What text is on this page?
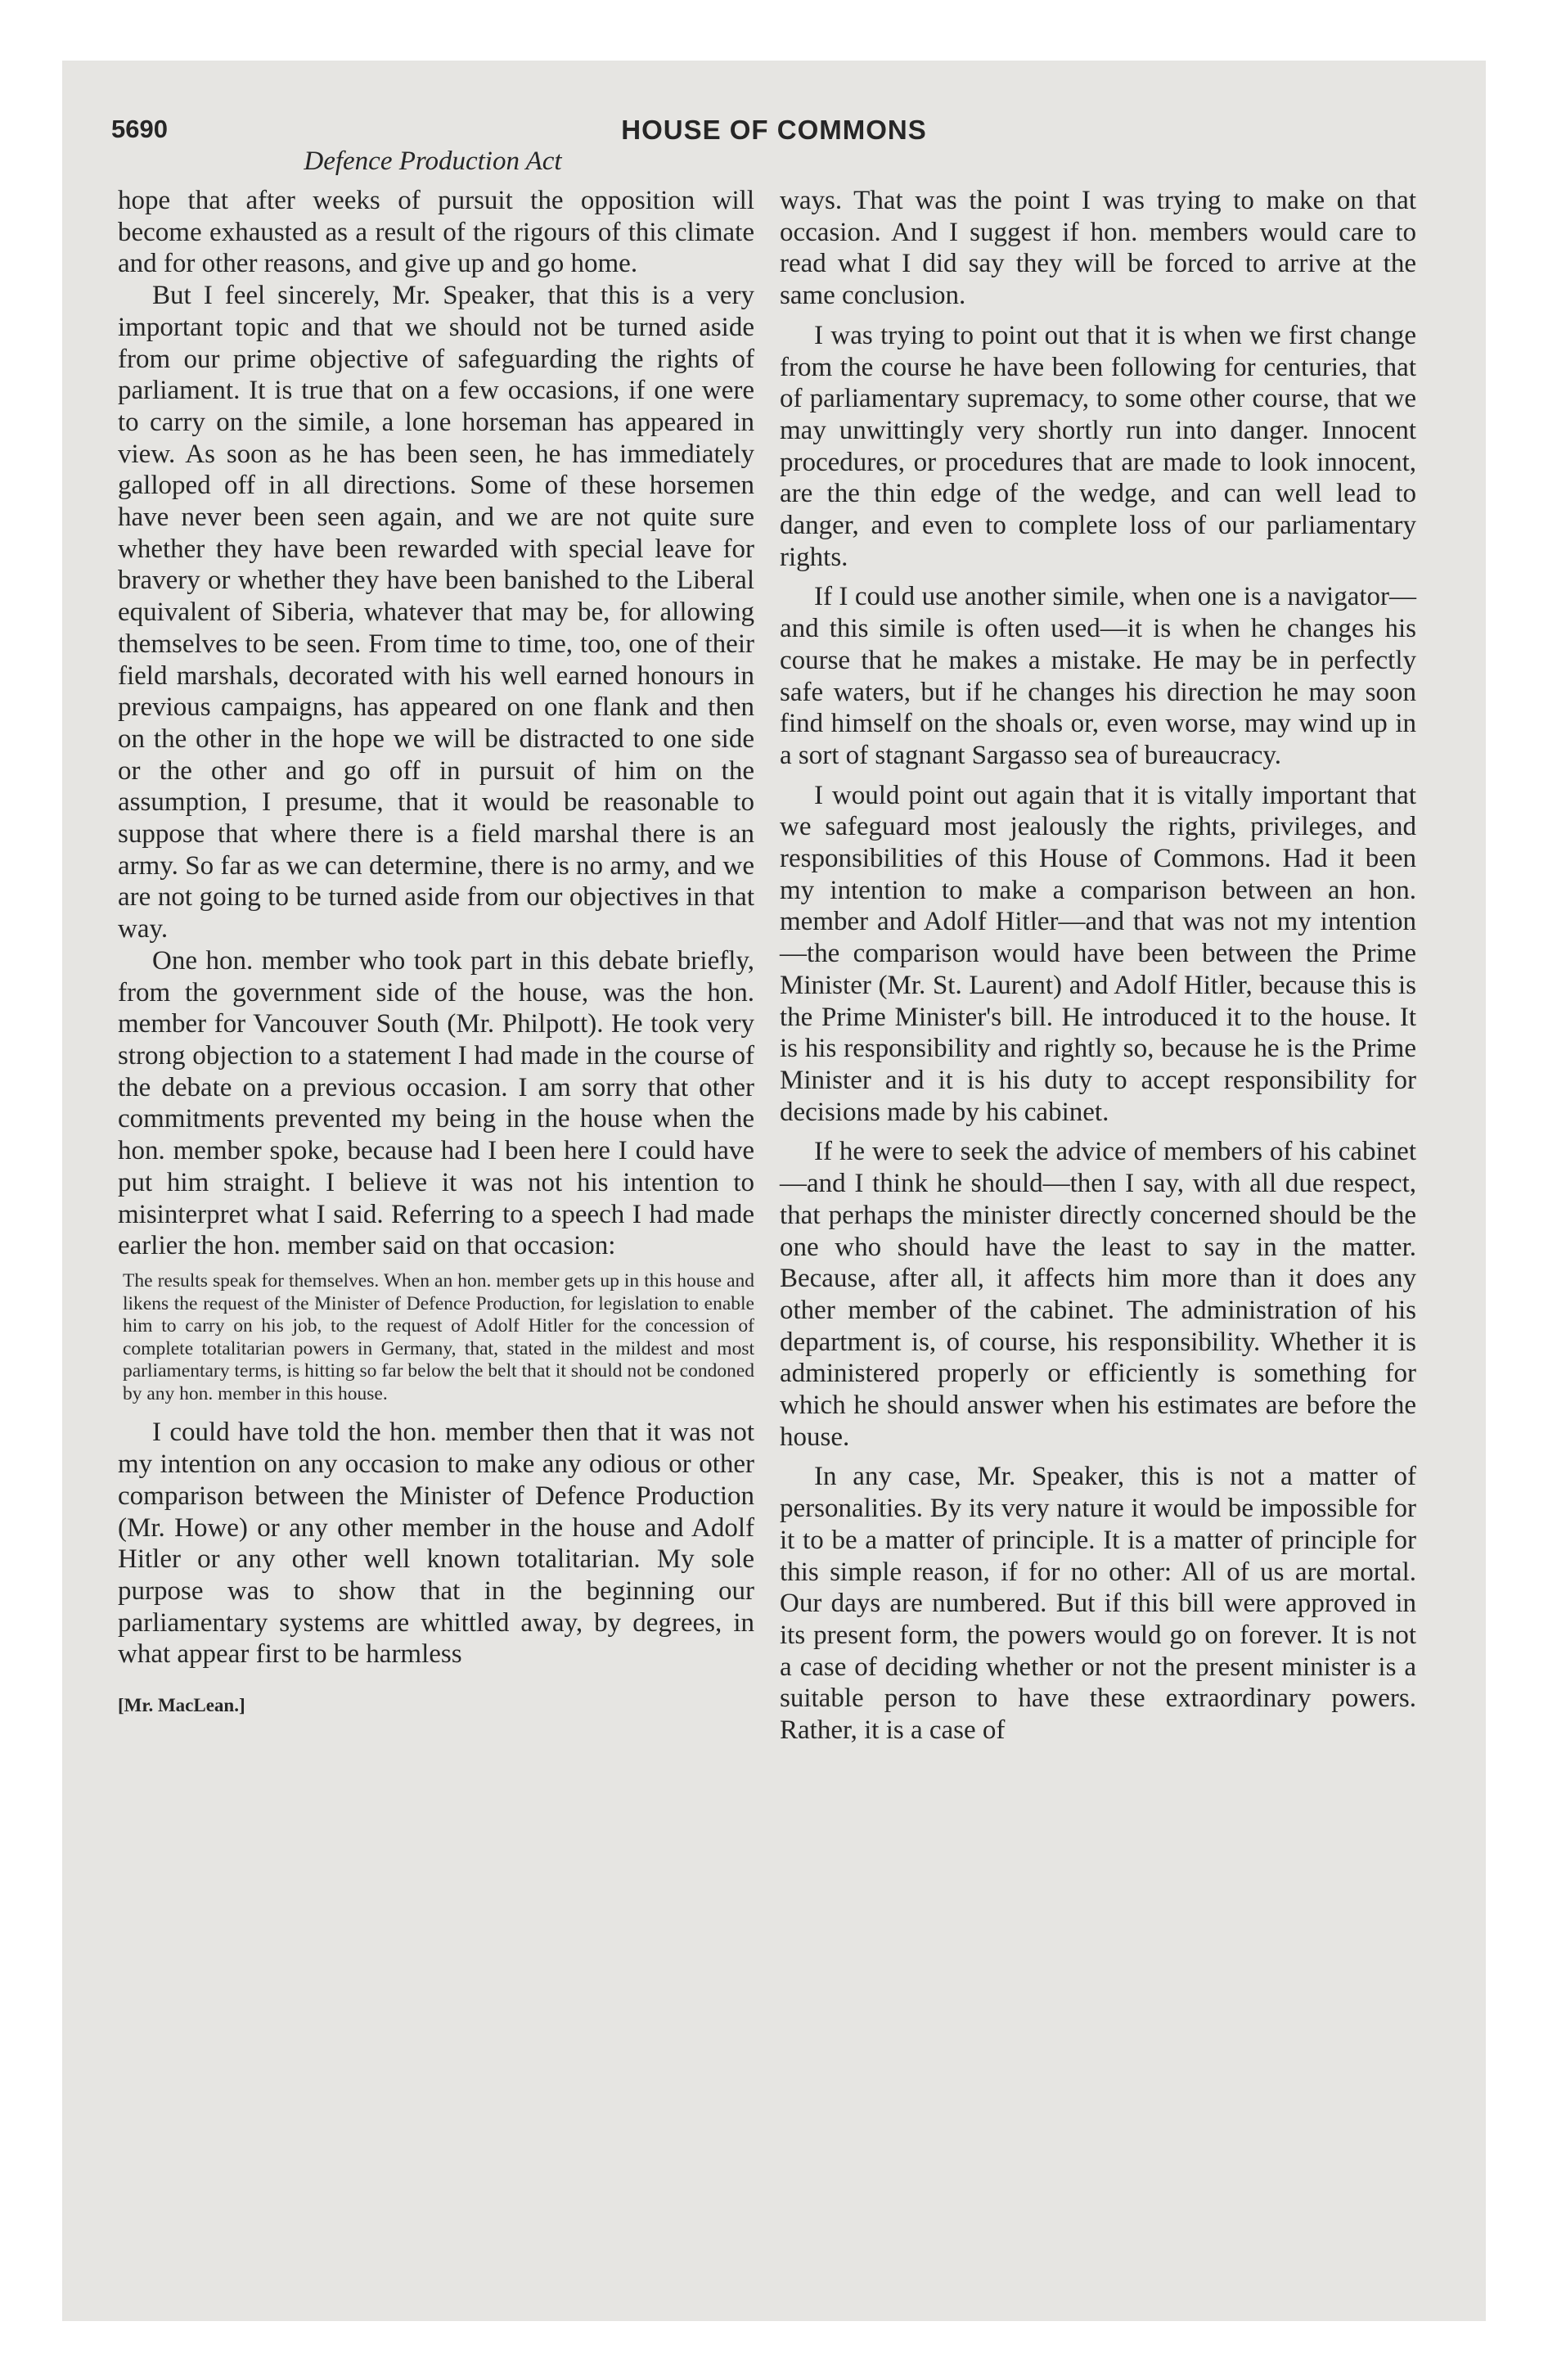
5690	HOUSE OF COMMONS
Defence Production Act

hope that after weeks of pursuit the opposition will become exhausted as a result of the rigours of this climate and for other reasons, and give up and go home.

But I feel sincerely, Mr. Speaker, that this is a very important topic and that we should not be turned aside from our prime objective of safeguarding the rights of parliament. It is true that on a few occasions, if one were to carry on the simile, a lone horseman has appeared in view. As soon as he has been seen, he has immediately galloped off in all directions. Some of these horsemen have never been seen again, and we are not quite sure whether they have been rewarded with special leave for bravery or whether they have been banished to the Liberal equivalent of Siberia, whatever that may be, for allowing themselves to be seen. From time to time, too, one of their field marshals, decorated with his well earned honours in previous campaigns, has appeared on one flank and then on the other in the hope we will be distracted to one side or the other and go off in pursuit of him on the assumption, I presume, that it would be reasonable to suppose that where there is a field marshal there is an army. So far as we can determine, there is no army, and we are not going to be turned aside from our objectives in that way.

One hon. member who took part in this debate briefly, from the government side of the house, was the hon. member for Vancouver South (Mr. Philpott). He took very strong objection to a statement I had made in the course of the debate on a previous occasion. I am sorry that other commitments prevented my being in the house when the hon. member spoke, because had I been here I could have put him straight. I believe it was not his intention to misinterpret what I said. Referring to a speech I had made earlier the hon. member said on that occasion:

The results speak for themselves. When an hon. member gets up in this house and likens the request of the Minister of Defence Production, for legislation to enable him to carry on his job, to the request of Adolf Hitler for the concession of complete totalitarian powers in Germany, that, stated in the mildest and most parliamentary terms, is hitting so far below the belt that it should not be condoned by any hon. member in this house.

I could have told the hon. member then that it was not my intention on any occasion to make any odious or other comparison between the Minister of Defence Production (Mr. Howe) or any other member in the house and Adolf Hitler or any other well known totalitarian. My sole purpose was to show that in the beginning our parliamentary systems are whittled away, by degrees, in what appear first to be harmless

[Mr. MacLean.]

ways. That was the point I was trying to make on that occasion. And I suggest if hon. members would care to read what I did say they will be forced to arrive at the same conclusion.

I was trying to point out that it is when we first change from the course he have been following for centuries, that of parliamentary supremacy, to some other course, that we may unwittingly very shortly run into danger. Innocent procedures, or procedures that are made to look innocent, are the thin edge of the wedge, and can well lead to danger, and even to complete loss of our parliamentary rights.

If I could use another simile, when one is a navigator—and this simile is often used—it is when he changes his course that he makes a mistake. He may be in perfectly safe waters, but if he changes his direction he may soon find himself on the shoals or, even worse, may wind up in a sort of stagnant Sargasso sea of bureaucracy.

I would point out again that it is vitally important that we safeguard most jealously the rights, privileges, and responsibilities of this House of Commons. Had it been my intention to make a comparison between an hon. member and Adolf Hitler—and that was not my intention—the comparison would have been between the Prime Minister (Mr. St. Laurent) and Adolf Hitler, because this is the Prime Minister's bill. He introduced it to the house. It is his responsibility and rightly so, because he is the Prime Minister and it is his duty to accept responsibility for decisions made by his cabinet.

If he were to seek the advice of members of his cabinet—and I think he should—then I say, with all due respect, that perhaps the minister directly concerned should be the one who should have the least to say in the matter. Because, after all, it affects him more than it does any other member of the cabinet. The administration of his department is, of course, his responsibility. Whether it is administered properly or efficiently is something for which he should answer when his estimates are before the house.

In any case, Mr. Speaker, this is not a matter of personalities. By its very nature it would be impossible for it to be a matter of principle. It is a matter of principle for this simple reason, if for no other: All of us are mortal. Our days are numbered. But if this bill were approved in its present form, the powers would go on forever. It is not a case of deciding whether or not the present minister is a suitable person to have these extraordinary powers. Rather, it is a case of
